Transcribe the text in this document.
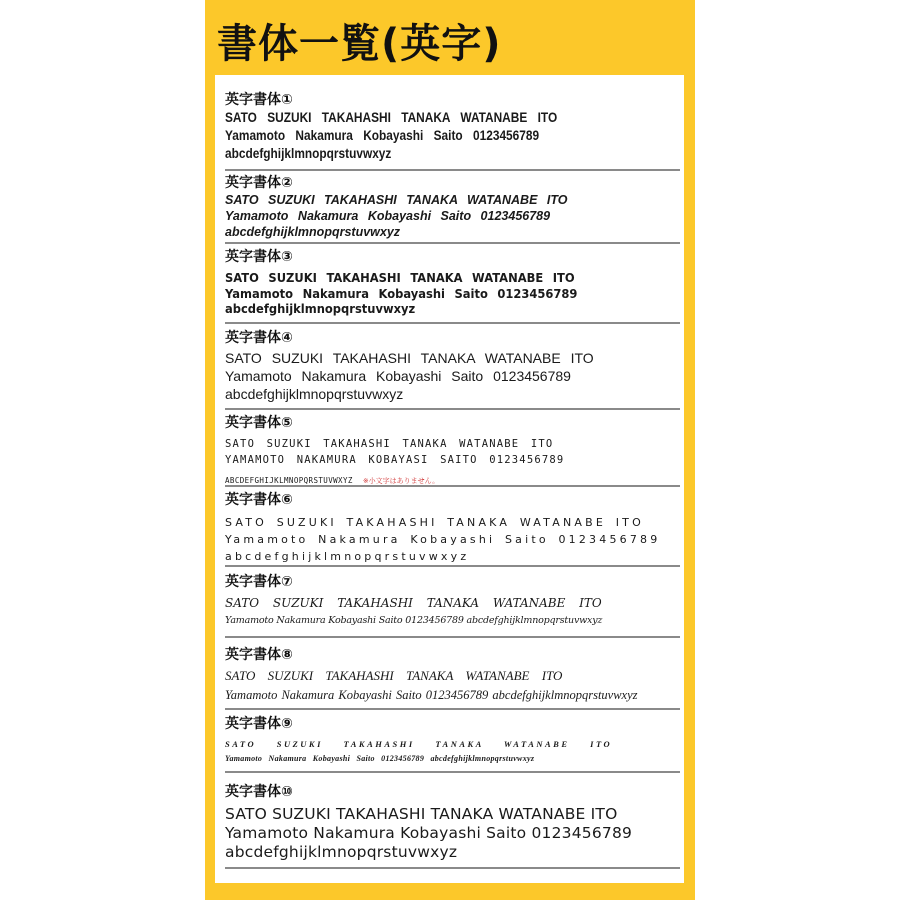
書体一覧(英字)
英字書体①
SATO SUZUKI TAKAHASHI TANAKA WATANABE ITO
Yamamoto Nakamura Kobayashi Saito 0123456789
abcdefghijklmnopqrstuvwxyz
英字書体②
SATO SUZUKI TAKAHASHI TANAKA WATANABE ITO
Yamamoto Nakamura Kobayashi Saito 0123456789
abcdefghijklmnopqrstuvwxyz
英字書体③
SATO SUZUKI TAKAHASHI TANAKA WATANABE ITO
Yamamoto Nakamura Kobayashi Saito 0123456789
abcdefghijklmnopqrstuvwxyz
英字書体④
SATO SUZUKI TAKAHASHI TANAKA WATANABE ITO
Yamamoto Nakamura Kobayashi Saito 0123456789
abcdefghijklmnopqrstuvwxyz
英字書体⑤
SATO SUZUKI TAKAHASHI TANAKA WATANABE ITO
YAMAMOTO NAKAMURA KOBAYASI SAITO 0123456789
ABCDEFGHIJKLMNOPQRSTUVWXYZ ※小文字はありません。
英字書体⑥
SATO SUZUKI TAKAHASHI TANAKA WATANABE ITO
Yamamoto Nakamura Kobayashi Saito 0123456789
abcdefghijklmnopqrstuvwxyz
英字書体⑦
SATO SUZUKI TAKAHASHI TANAKA WATANABE ITO
Yamamoto Nakamura Kobayashi Saito 0123456789 abcdefghijklmnopqrstuvwxyz
英字書体⑧
SATO SUZUKI TAKAHASHI TANAKA WATANABE ITO
Yamamoto Nakamura Kobayashi Saito 0123456789 abcdefghijklmnopqrstuvwxyz
英字書体⑨
SATO SUZUKI TAKAHASHI TANAKA WATANABE ITO
Yamamoto Nakamura Kobayashi Saito 0123456789 abcdefghijklmnopqrstuvwxyz
英字書体⑩
SATO SUZUKI TAKAHASHI TANAKA WATANABE ITO
Yamamoto Nakamura Kobayashi Saito 0123456789
abcdefghijklmnopqrstuvwxyz
